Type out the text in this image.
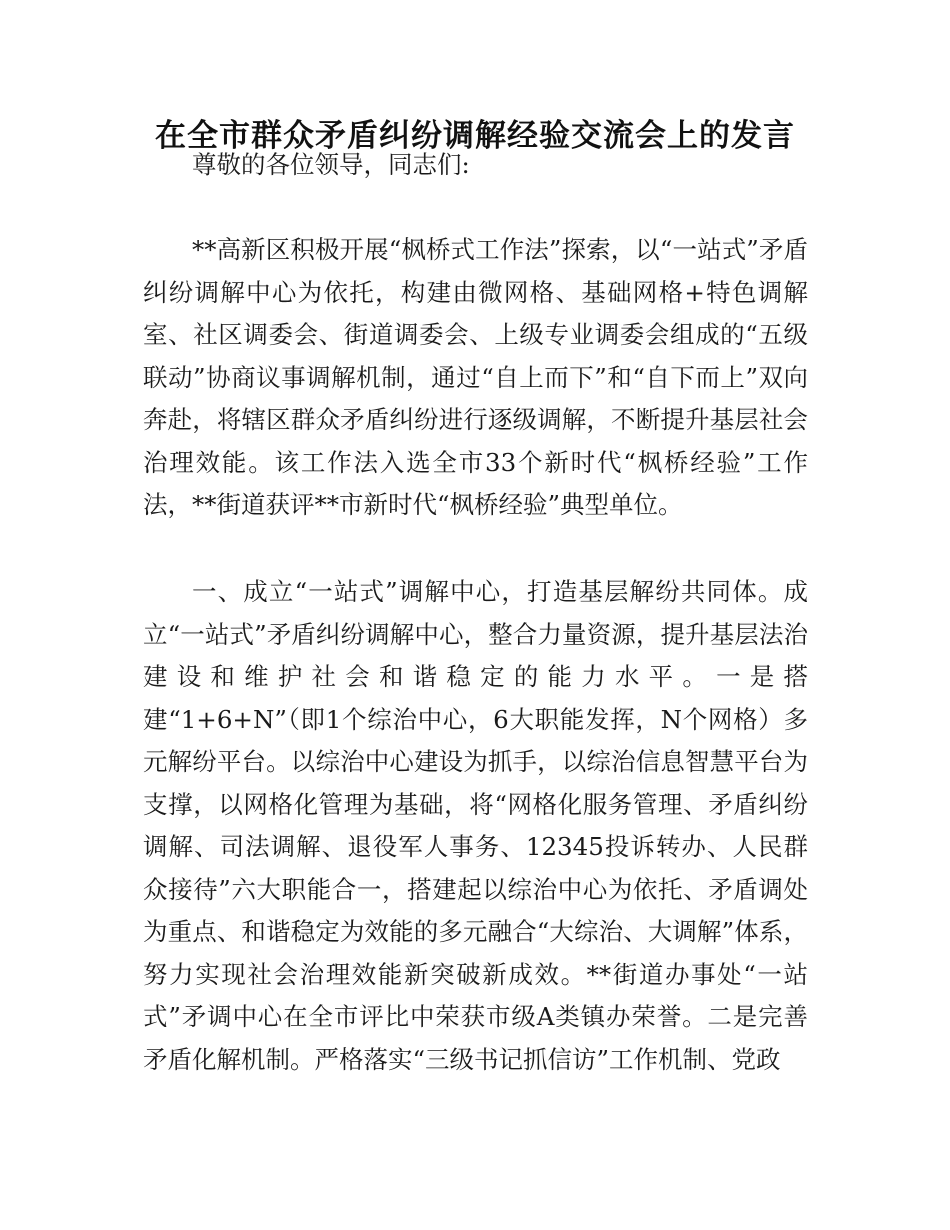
在全市群众矛盾纠纷调解经验交流会上的发言

尊敬的各位领导，同志们:

**高新区积极开展“枫桥式工作法”探索，以“一站式”矛盾纠纷调解中心为依托，构建由微网格、基础网格+特色调解室、社区调委会、街道调委会、上级专业调委会组成的“五级联动”协商议事调解机制，通过“自上而下”和“自下而上”双向奔赴，将辖区群众矛盾纠纷进行逐级调解，不断提升基层社会治理效能。该工作法入选全市33个新时代“枫桥经验”工作法，**街道获评**市新时代“枫桥经验”典型单位。

一、成立“一站式”调解中心，打造基层解纷共同体。成立“一站式”矛盾纠纷调解中心，整合力量资源，提升基层法治建设和维护社会和谐稳定的能力水平。一是搭建“1+6+N”（即1个综治中心，6大职能发挥，N个网格）多元解纷平台。以综治中心建设为抓手，以综治信息智慧平台为支撑，以网格化管理为基础，将“网格化服务管理、矛盾纠纷调解、司法调解、退役军人事务、12345投诉转办、人民群众接待”六大职能合一，搭建起以综治中心为依托、矛盾调处为重点、和谐稳定为效能的多元融合“大综治、大调解”体系，努力实现社会治理效能新突破新成效。**街道办事处“一站式”矛调中心在全市评比中荣获市级A类镇办荣誉。二是完善矛盾化解机制。严格落实“三级书记抓信访”工作机制、党政
